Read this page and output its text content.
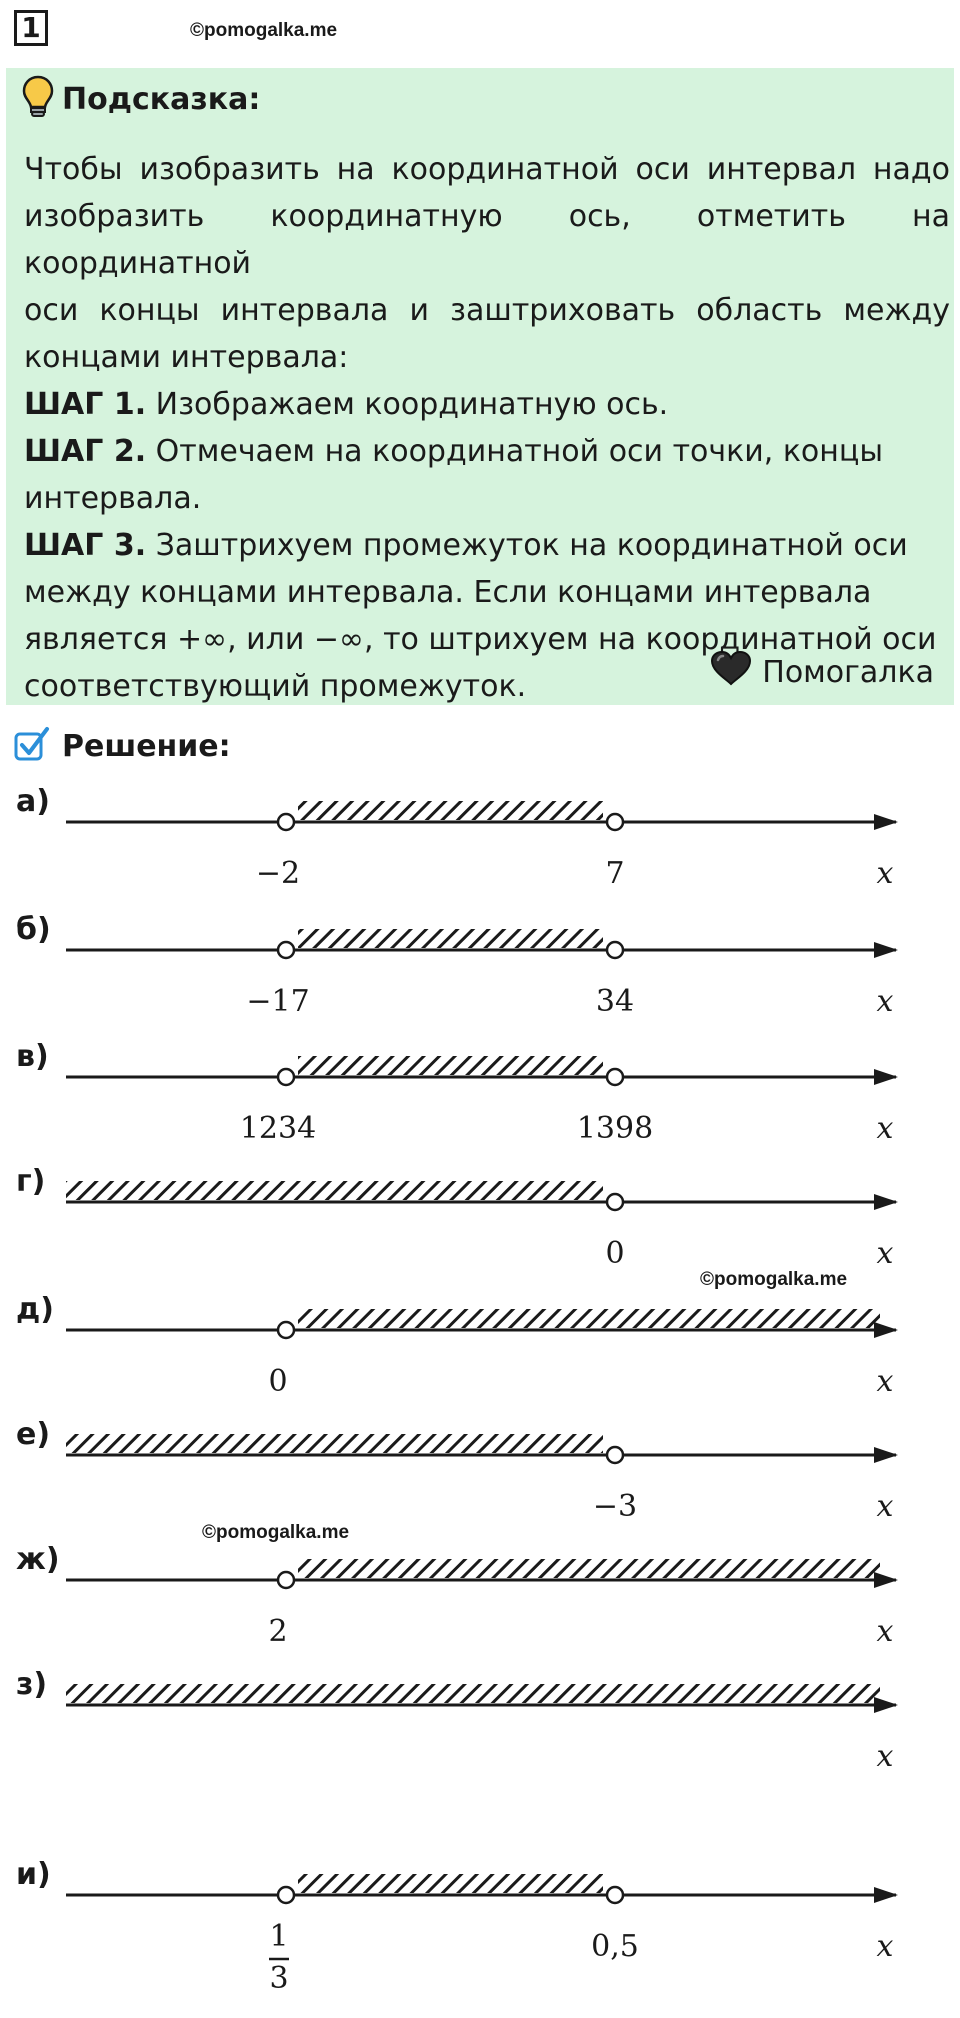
1	©pomogalka.me
Подсказка:

Чтобы изобразить на координатной оси интервал надо

изобразить координатную ось, отметить на координатной

оси концы интервала и заштриховать область между

концами интервала:

ШАГ 1. Изображаем координатную ось.

ШАГ 2. Отмечаем на координатной оси точки, концы

интервала.

ШАГ 3. Заштрихуем промежуток на координатной оси

между концами интервала. Если концами интервала

является +∞, или −∞, то штрихуем на координатной оси

соответствующий промежуток.	Помогалка
Решение:
©pomogalka.me
©pomogalka.me
а)
−2	7	x
б)
−17	34	x
в)
1234	1398	x
г)
0	x
д)
0	x
е)
−3	x
ж)
2	x
з)
x
и)
1
3
0,5	x
